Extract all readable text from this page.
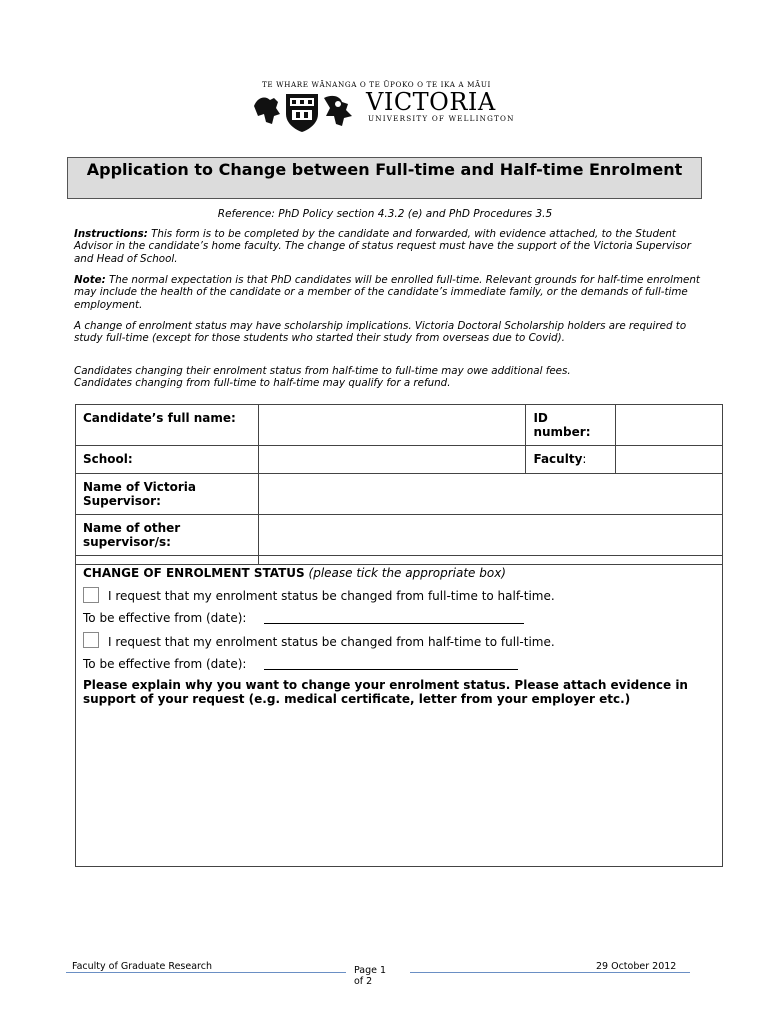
TE WHARE WĀNANGA O TE ŪPOKO O TE IKA A MĀUI
VICTORIA
UNIVERSITY OF WELLINGTON
Application to Change between Full-time and Half-time Enrolment
Reference: PhD Policy section 4.3.2 (e) and PhD Procedures 3.5
Instructions: This form is to be completed by the candidate and forwarded, with evidence attached, to the Student Advisor in the candidate’s home faculty. The change of status request must have the support of the Victoria Supervisor and Head of School.
Note: The normal expectation is that PhD candidates will be enrolled full-time. Relevant grounds for half-time enrolment may include the health of the candidate or a member of the candidate’s immediate family, or the demands of full-time employment.
A change of enrolment status may have scholarship implications. Victoria Doctoral Scholarship holders are required to study full-time (except for those students who started their study from overseas due to Covid).
Candidates changing their enrolment status from half-time to full-time may owe additional fees.
Candidates changing from full-time to half-time may qualify for a refund.
Candidate’s full name:		ID number:	
School:		Faculty:	
Name of Victoria Supervisor:			
Name of other supervisor/s:			
CHANGE OF ENROLMENT STATUS (please tick the appropriate box)
I request that my enrolment status be changed from full-time to half-time.
To be effective from (date):
I request that my enrolment status be changed from half-time to full-time.
To be effective from (date):
Please explain why you want to change your enrolment status. Please attach evidence in support of your request (e.g. medical certificate, letter from your employer etc.)
Faculty of Graduate Research	Page 1 of 2
29 October 2012
